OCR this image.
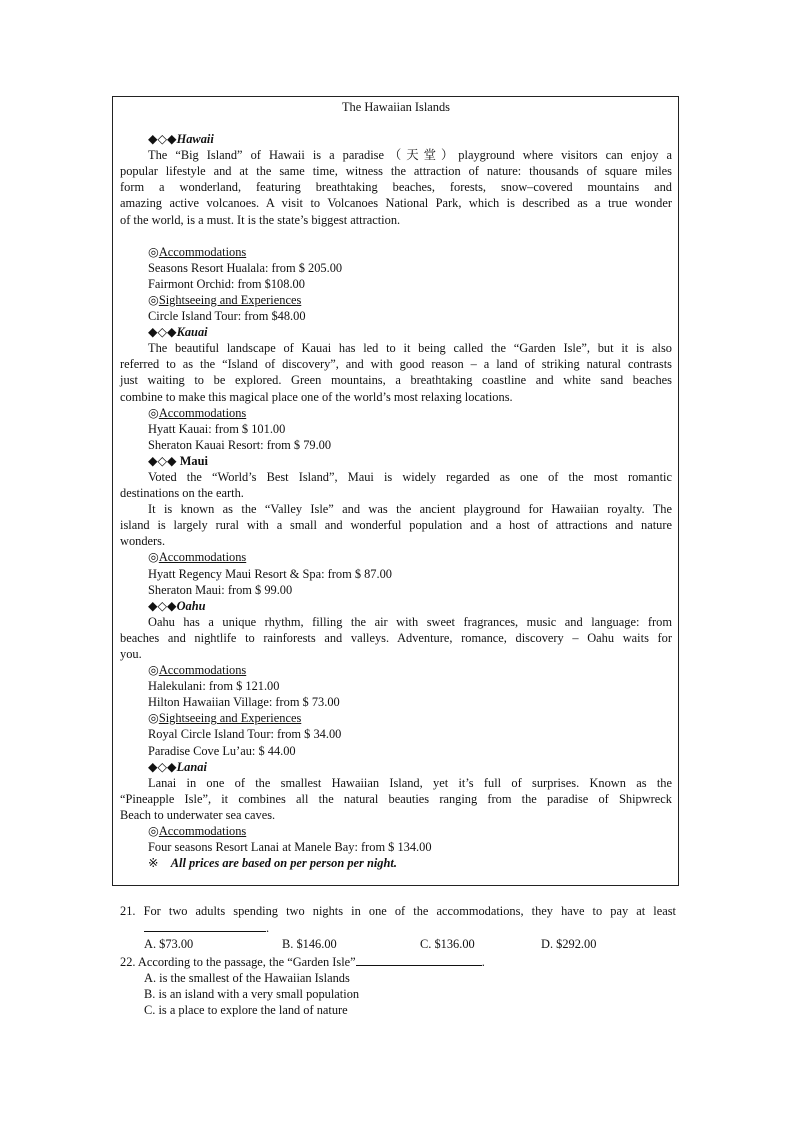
The Hawaiian Islands
◆◇◆Hawaii
The “Big Island” of Hawaii is a paradise（天堂）playground where visitors can enjoy a
popular lifestyle and at the same time, witness the attraction of nature: thousands of square miles
form a wonderland, featuring breathtaking beaches, forests, snow–covered mountains and
amazing active volcanoes. A visit to Volcanoes National Park, which is described as a true wonder
of the world, is a must. It is the state’s biggest attraction.
◎Accommodations
Seasons Resort Hualala: from $ 205.00
Fairmont Orchid: from $108.00
◎Sightseeing and Experiences
Circle Island Tour: from $48.00
◆◇◆Kauai
The beautiful landscape of Kauai has led to it being called the “Garden Isle”, but it is also
referred to as the “Island of discovery”, and with good reason – a land of striking natural contrasts
just waiting to be explored. Green mountains, a breathtaking coastline and white sand beaches
combine to make this magical place one of the world’s most relaxing locations.
◎Accommodations
Hyatt Kauai: from $ 101.00
Sheraton Kauai Resort: from $ 79.00
◆◇◆ Maui
Voted the “World’s Best Island”, Maui is widely regarded as one of the most romantic
destinations on the earth.
It is known as the “Valley Isle” and was the ancient playground for Hawaiian royalty. The
island is largely rural with a small and wonderful population and a host of attractions and nature
wonders.
◎Accommodations
Hyatt Regency Maui Resort & Spa: from $ 87.00
Sheraton Maui: from $ 99.00
◆◇◆Oahu
Oahu has a unique rhythm, filling the air with sweet fragrances, music and language: from
beaches and nightlife to rainforests and valleys. Adventure, romance, discovery – Oahu waits for
you.
◎Accommodations
Halekulani: from $ 121.00
Hilton Hawaiian Village: from $ 73.00
◎Sightseeing and Experiences
Royal Circle Island Tour: from $ 34.00
Paradise Cove Lu’au: $ 44.00
◆◇◆Lanai
Lanai in one of the smallest Hawaiian Island, yet it’s full of surprises. Known as the
“Pineapple Isle”, it combines all the natural beauties ranging from the paradise of Shipwreck
Beach to underwater sea caves.
◎Accommodations
Four seasons Resort Lanai at Manele Bay: from $ 134.00
※ All prices are based on per person per night.
21. For two adults spending two nights in one of the accommodations, they have to pay at least
.
A. $73.00	B. $146.00	C. $136.00	D. $292.00
22. According to the passage, the “Garden Isle”	.
A. is the smallest of the Hawaiian Islands
B. is an island with a very small population
C. is a place to explore the land of nature
